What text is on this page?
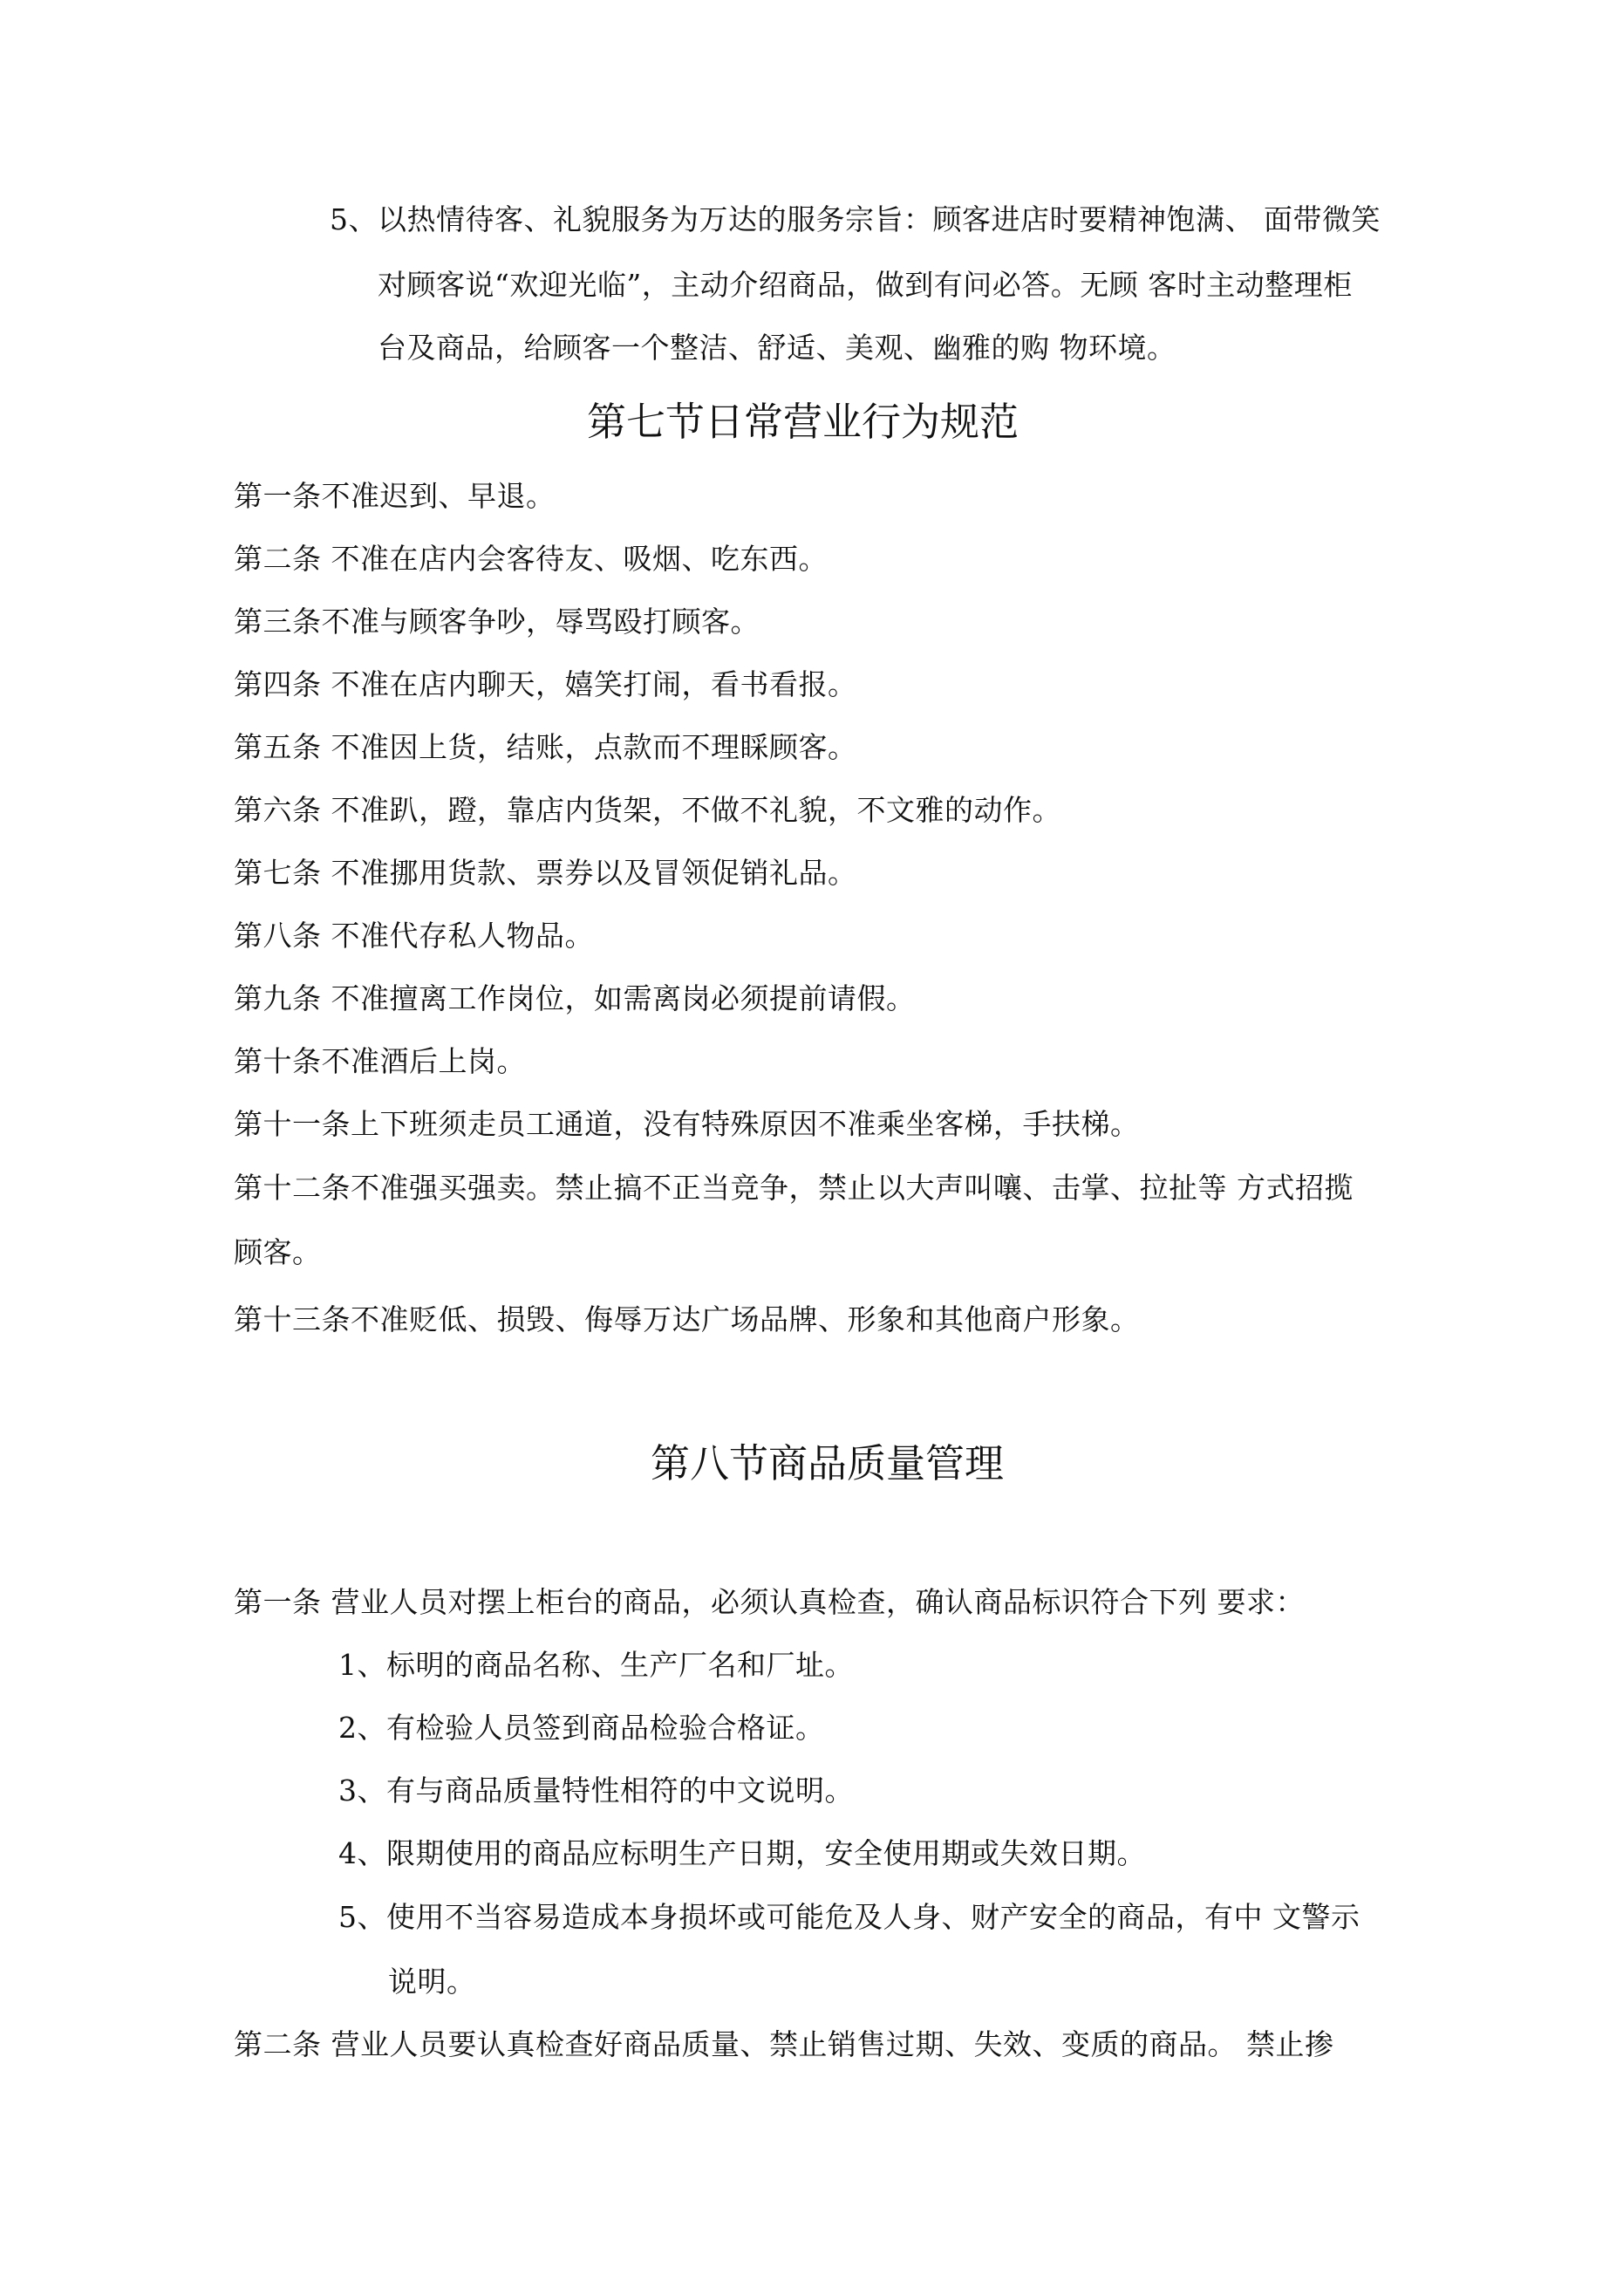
5、以热情待客、礼貌服务为万达的服务宗旨：顾客进店时要精神饱满、 面带微笑
对顾客说“欢迎光临”，主动介绍商品，做到有问必答。无顾 客时主动整理柜
台及商品，给顾客一个整洁、舒适、美观、幽雅的购 物环境。
第七节日常营业行为规范
第一条不准迟到、早退。
第二条 不准在店内会客待友、吸烟、吃东西。
第三条不准与顾客争吵，辱骂殴打顾客。
第四条 不准在店内聊天，嬉笑打闹，看书看报。
第五条 不准因上货，结账，点款而不理睬顾客。
第六条 不准趴，蹬，靠店内货架，不做不礼貌，不文雅的动作。
第七条 不准挪用货款、票券以及冒领促销礼品。
第八条 不准代存私人物品。
第九条 不准擅离工作岗位，如需离岗必须提前请假。
第十条不准酒后上岗。
第十一条上下班须走员工通道，没有特殊原因不准乘坐客梯，手扶梯。
第十二条不准强买强卖。禁止搞不正当竞争，禁止以大声叫嚷、击掌、拉扯等 方式招揽
顾客。
第十三条不准贬低、损毁、侮辱万达广场品牌、形象和其他商户形象。
第八节商品质量管理
第一条 营业人员对摆上柜台的商品，必须认真检查，确认商品标识符合下列 要求：
1、标明的商品名称、生产厂名和厂址。
2、有检验人员签到商品检验合格证。
3、有与商品质量特性相符的中文说明。
4、限期使用的商品应标明生产日期，安全使用期或失效日期。
5、使用不当容易造成本身损坏或可能危及人身、财产安全的商品，有中 文警示
说明。
第二条 营业人员要认真检查好商品质量、禁止销售过期、失效、变质的商品。 禁止掺
